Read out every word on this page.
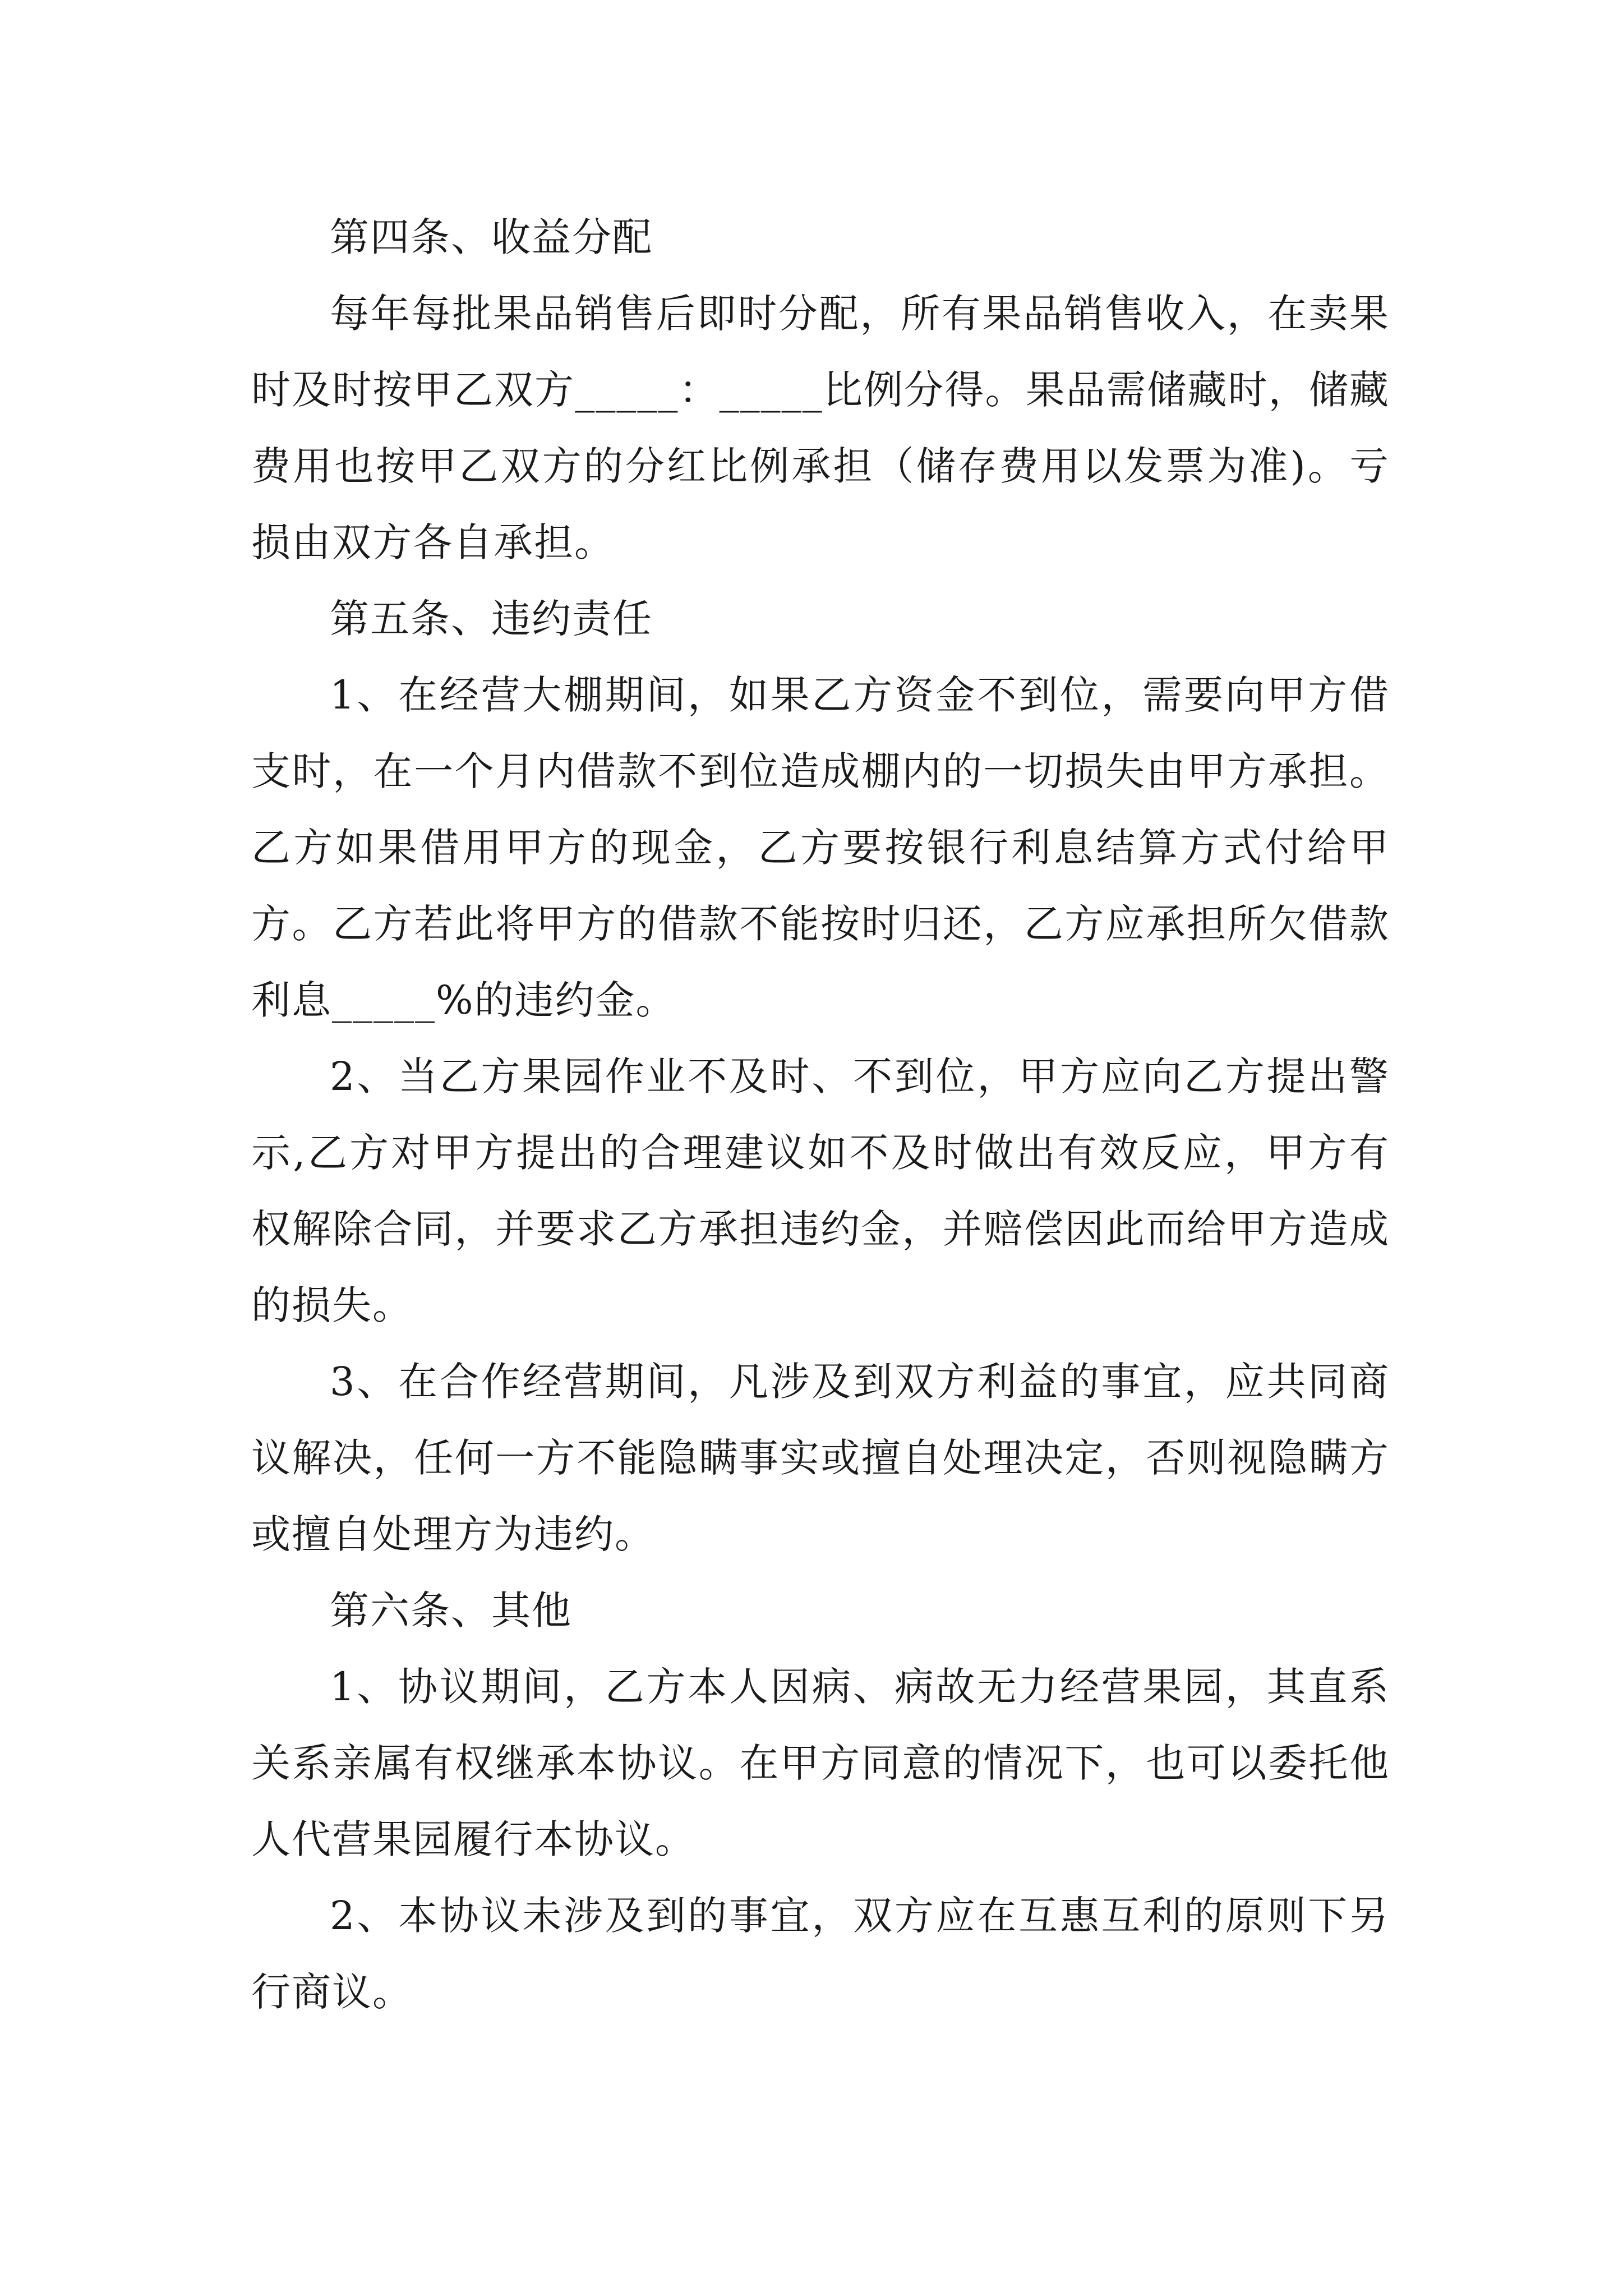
第四条、收益分配

每年每批果品销售后即时分配，所有果品销售收入，在卖果时及时按甲乙双方_____：_____比例分得。果品需储藏时，储藏费用也按甲乙双方的分红比例承担（储存费用以发票为准)。亏损由双方各自承担。

第五条、违约责任

1、在经营大棚期间，如果乙方资金不到位，需要向甲方借支时，在一个月内借款不到位造成棚内的一切损失由甲方承担。乙方如果借用甲方的现金，乙方要按银行利息结算方式付给甲方。乙方若此将甲方的借款不能按时归还，乙方应承担所欠借款利息_____%的违约金。

2、当乙方果园作业不及时、不到位，甲方应向乙方提出警示,乙方对甲方提出的合理建议如不及时做出有效反应，甲方有权解除合同，并要求乙方承担违约金，并赔偿因此而给甲方造成的损失。

3、在合作经营期间，凡涉及到双方利益的事宜，应共同商议解决，任何一方不能隐瞒事实或擅自处理决定，否则视隐瞒方或擅自处理方为违约。

第六条、其他

1、协议期间，乙方本人因病、病故无力经营果园，其直系关系亲属有权继承本协议。在甲方同意的情况下，也可以委托他人代营果园履行本协议。

2、本协议未涉及到的事宜，双方应在互惠互利的原则下另行商议。
